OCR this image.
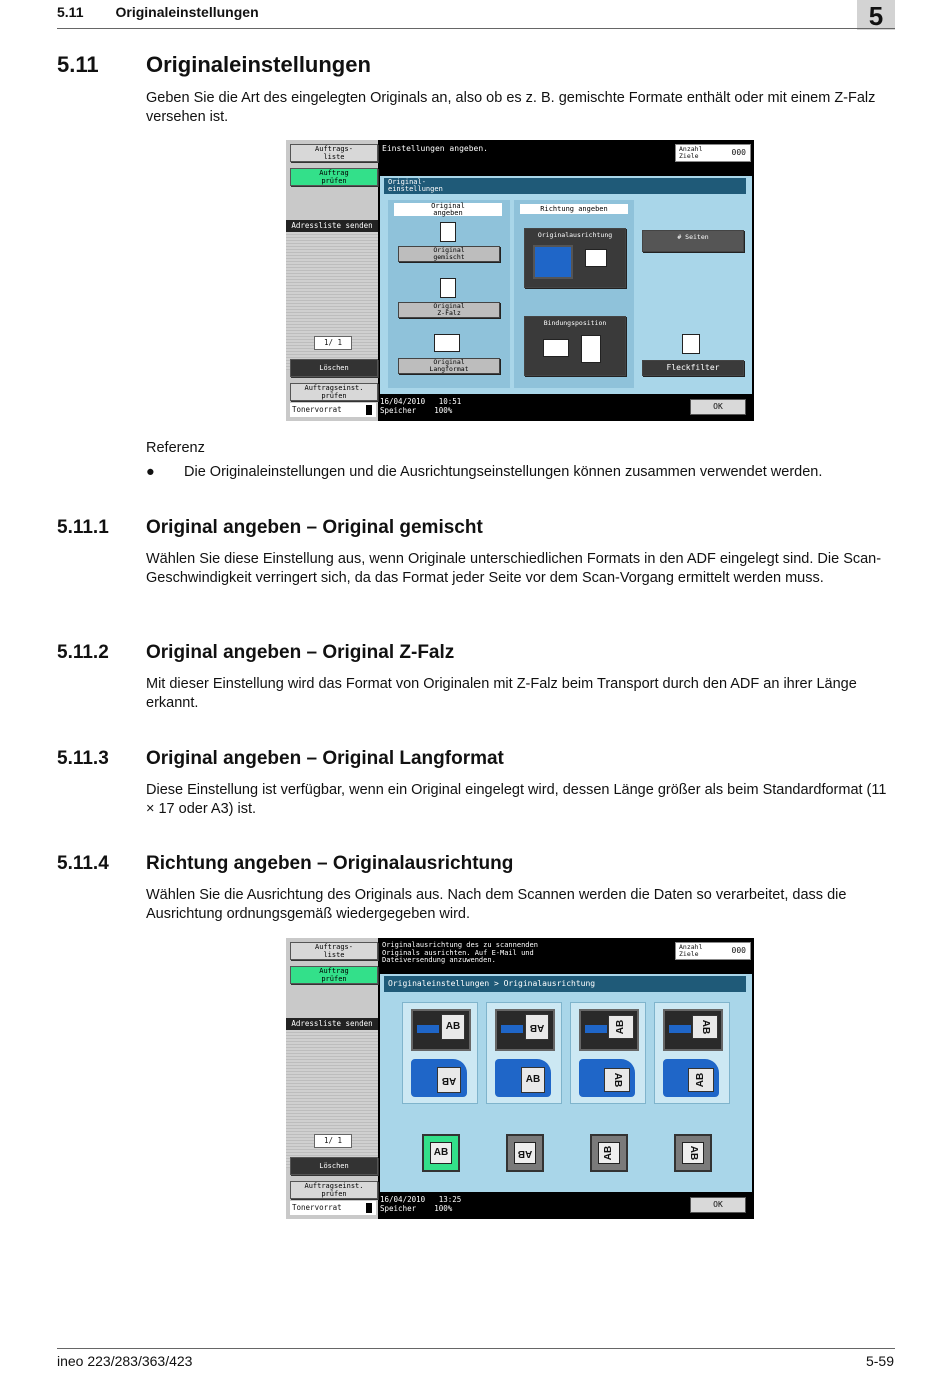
5.11 Originaleinstellungen	5
5.11 Originaleinstellungen

Geben Sie die Art des eingelegten Originals an, also ob es z. B. gemischte Formate enthält oder mit einem Z-Falz versehen ist.

Auftrags-
liste
Auftrag
prüfen
Adressliste senden
1/ 1
Löschen
Auftragseinst.
prüfen
Tonervorrat
Einstellungen angeben.	Anzahl
Ziele	000
Original-
einstellungen
Original
angeben
Original
gemischt
Original
Z-Falz
Original
Langformat
Richtung angeben
Originalausrichtung
AB
Bindungsposition
AB	AB
# Seiten
Fleckfilter
16/04/2010 10:51
Speicher 100%	OK
Referenz
● Die Originaleinstellungen und die Ausrichtungseinstellungen können zusammen verwendet werden.
5.11.1 Original angeben – Original gemischt

Wählen Sie diese Einstellung aus, wenn Originale unterschiedlichen Formats in den ADF eingelegt sind. Die Scan-Geschwindigkeit verringert sich, da das Format jeder Seite vor dem Scan-Vorgang ermittelt werden muss.

5.11.2 Original angeben – Original Z-Falz

Mit dieser Einstellung wird das Format von Originalen mit Z-Falz beim Transport durch den ADF an ihrer Länge erkannt.

5.11.3 Original angeben – Original Langformat

Diese Einstellung ist verfügbar, wenn ein Original eingelegt wird, dessen Länge größer als beim Standardformat (11 × 17 oder A3) ist.

5.11.4 Richtung angeben – Originalausrichtung

Wählen Sie die Ausrichtung des Originals aus. Nach dem Scannen werden die Daten so verarbeitet, dass die Ausrichtung ordnungsgemäß wiedergegeben wird.

Auftrags-
liste
Auftrag
prüfen
Adressliste senden
1/ 1
Löschen
Auftragseinst.
prüfen
Tonervorrat
Originalausrichtung des zu scannenden
Originals ausrichten. Auf E-Mail und
Dateiversendung anzuwenden.
Anzahl
Ziele	000
Originaleinstellungen > Originalausrichtung
AB
AB
AB
AB
AB
AB
AB
AB
AB	AB	AB	AB
16/04/2010 13:25
Speicher 100%	OK
ineo 223/283/363/423	5-59
